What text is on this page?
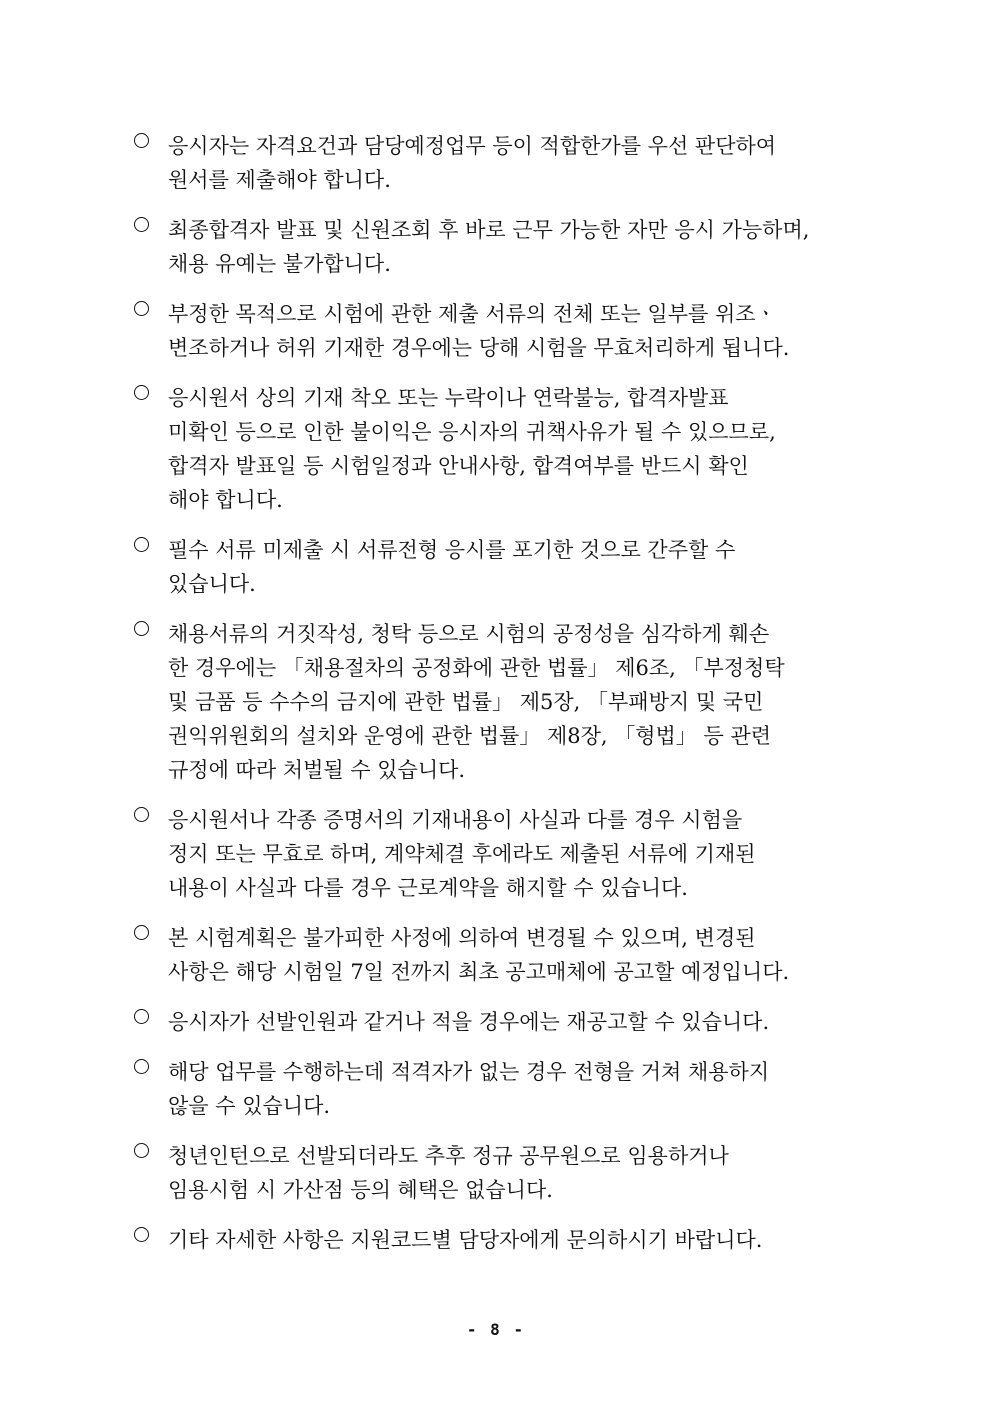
응시자는 자격요건과 담당예정업무 등이 적합한가를 우선 판단하여
원서를 제출해야 합니다.
최종합격자 발표 및 신원조회 후 바로 근무 가능한 자만 응시 가능하며,
채용 유예는 불가합니다.
부정한 목적으로 시험에 관한 제출 서류의 전체 또는 일부를 위조ㆍ
변조하거나 허위 기재한 경우에는 당해 시험을 무효처리하게 됩니다.
응시원서 상의 기재 착오 또는 누락이나 연락불능, 합격자발표
미확인 등으로 인한 불이익은 응시자의 귀책사유가 될 수 있으므로,
합격자 발표일 등 시험일정과 안내사항, 합격여부를 반드시 확인
해야 합니다.
필수 서류 미제출 시 서류전형 응시를 포기한 것으로 간주할 수
있습니다.
채용서류의 거짓작성, 청탁 등으로 시험의 공정성을 심각하게 훼손
한 경우에는 「채용절차의 공정화에 관한 법률」 제6조, 「부정청탁
및 금품 등 수수의 금지에 관한 법률」 제5장, 「부패방지 및 국민
권익위원회의 설치와 운영에 관한 법률」 제8장, 「형법」 등 관련
규정에 따라 처벌될 수 있습니다.
응시원서나 각종 증명서의 기재내용이 사실과 다를 경우 시험을
정지 또는 무효로 하며, 계약체결 후에라도 제출된 서류에 기재된
내용이 사실과 다를 경우 근로계약을 해지할 수 있습니다.
본 시험계획은 불가피한 사정에 의하여 변경될 수 있으며, 변경된
사항은 해당 시험일 7일 전까지 최초 공고매체에 공고할 예정입니다.
응시자가 선발인원과 같거나 적을 경우에는 재공고할 수 있습니다.
해당 업무를 수행하는데 적격자가 없는 경우 전형을 거쳐 채용하지
않을 수 있습니다.
청년인턴으로 선발되더라도 추후 정규 공무원으로 임용하거나
임용시험 시 가산점 등의 혜택은 없습니다.
기타 자세한 사항은 지원코드별 담당자에게 문의하시기 바랍니다.
- 8 -
